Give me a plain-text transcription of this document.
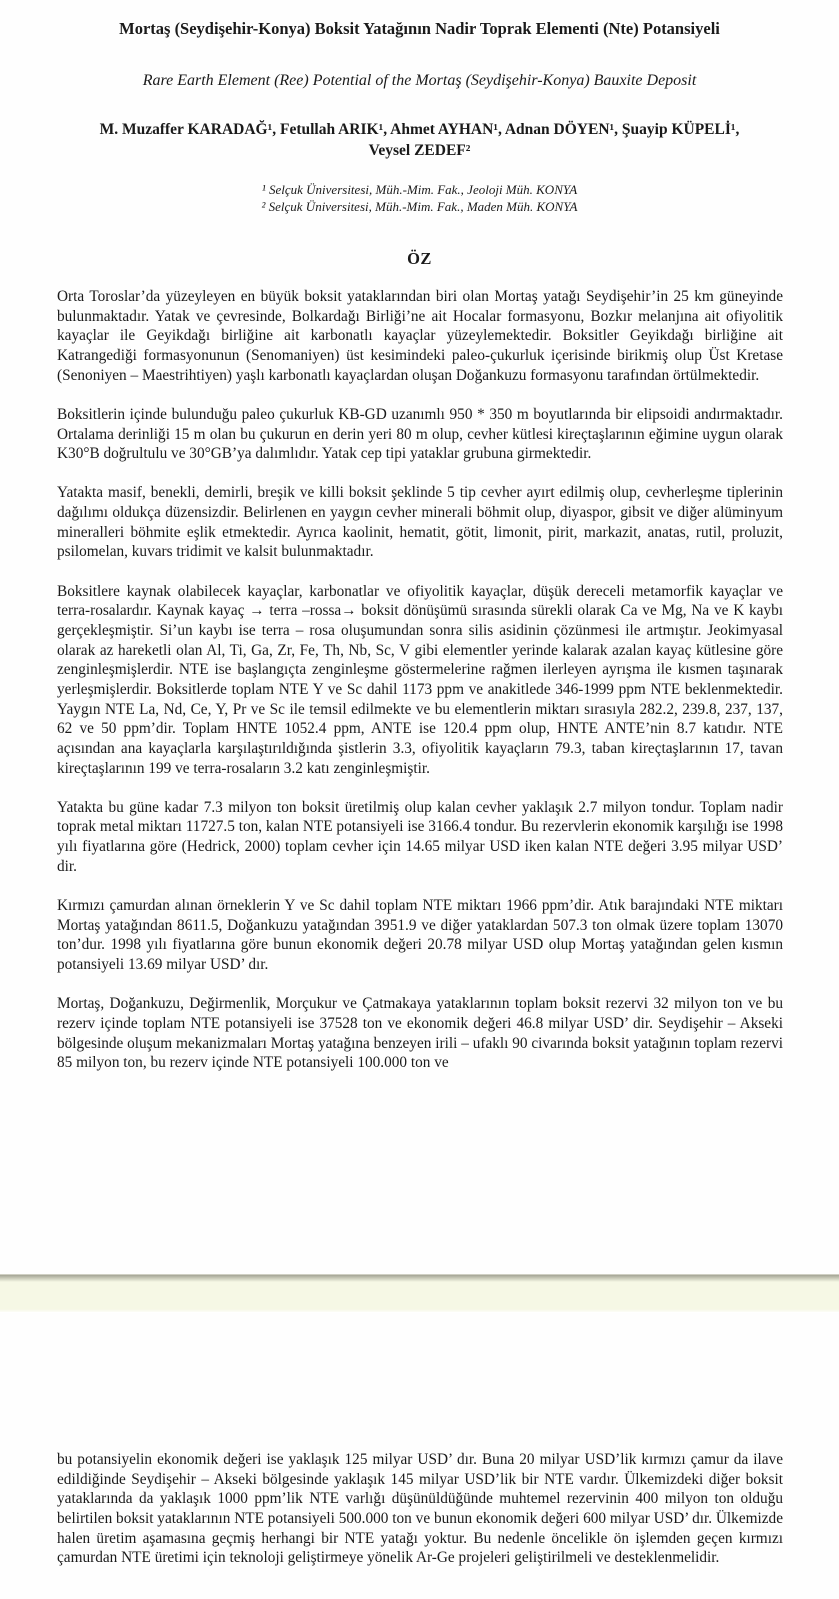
Mortaş (Seydişehir-Konya) Boksit Yatağının Nadir Toprak Elementi (Nte) Potansiyeli
Rare Earth Element (Ree) Potential of the Mortaş (Seydişehir-Konya) Bauxite Deposit
M. Muzaffer KARADAĞ¹, Fetullah ARIK¹, Ahmet AYHAN¹, Adnan DÖYEN¹, Şuayip KÜPELİ¹,
Veysel ZEDEF²
¹ Selçuk Üniversitesi, Müh.-Mim. Fak., Jeoloji Müh. KONYA
² Selçuk Üniversitesi, Müh.-Mim. Fak., Maden Müh. KONYA
ÖZ

Orta Toroslar’da yüzeyleyen en büyük boksit yataklarından biri olan Mortaş yatağı Seydişehir’in 25 km güneyinde bulunmaktadır. Yatak ve çevresinde, Bolkardağı Birliği’ne ait Hocalar formasyonu, Bozkır melanjına ait ofiyolitik kayaçlar ile Geyikdağı birliğine ait karbonatlı kayaçlar yüzeylemektedir. Boksitler Geyikdağı birliğine ait Katrangediği formasyonunun (Senomaniyen) üst kesimindeki paleo-çukurluk içerisinde birikmiş olup Üst Kretase (Senoniyen – Maestrihtiyen) yaşlı karbonatlı kayaçlardan oluşan Doğankuzu formasyonu tarafından örtülmektedir.

Boksitlerin içinde bulunduğu paleo çukurluk KB-GD uzanımlı 950 * 350 m boyutlarında bir elipsoidi andırmaktadır. Ortalama derinliği 15 m olan bu çukurun en derin yeri 80 m olup, cevher kütlesi kireçtaşlarının eğimine uygun olarak K30°B doğrultulu ve 30°GB’ya dalımlıdır. Yatak cep tipi yataklar grubuna girmektedir.

Yatakta masif, benekli, demirli, breşik ve killi boksit şeklinde 5 tip cevher ayırt edilmiş olup, cevherleşme tiplerinin dağılımı oldukça düzensizdir. Belirlenen en yaygın cevher minerali böhmit olup, diyaspor, gibsit ve diğer alüminyum mineralleri böhmite eşlik etmektedir. Ayrıca kaolinit, hematit, götit, limonit, pirit, markazit, anatas, rutil, proluzit, psilomelan, kuvars tridimit ve kalsit bulunmaktadır.

Boksitlere kaynak olabilecek kayaçlar, karbonatlar ve ofiyolitik kayaçlar, düşük dereceli metamorfik kayaçlar ve terra-rosalardır. Kaynak kayaç → terra –rossa→ boksit dönüşümü sırasında sürekli olarak Ca ve Mg, Na ve K kaybı gerçekleşmiştir. Si’un kaybı ise terra – rosa oluşumundan sonra silis asidinin çözünmesi ile artmıştır. Jeokimyasal olarak az hareketli olan Al, Ti, Ga, Zr, Fe, Th, Nb, Sc, V gibi elementler yerinde kalarak azalan kayaç kütlesine göre zenginleşmişlerdir. NTE ise başlangıçta zenginleşme göstermelerine rağmen ilerleyen ayrışma ile kısmen taşınarak yerleşmişlerdir. Boksitlerde toplam NTE Y ve Sc dahil 1173 ppm ve anakitlede 346-1999 ppm NTE beklenmektedir. Yaygın NTE La, Nd, Ce, Y, Pr ve Sc ile temsil edilmekte ve bu elementlerin miktarı sırasıyla 282.2, 239.8, 237, 137, 62 ve 50 ppm’dir. Toplam HNTE 1052.4 ppm, ANTE ise 120.4 ppm olup, HNTE ANTE’nin 8.7 katıdır. NTE açısından ana kayaçlarla karşılaştırıldığında şistlerin 3.3, ofiyolitik kayaçların 79.3, taban kireçtaşlarının 17, tavan kireçtaşlarının 199 ve terra-rosaların 3.2 katı zenginleşmiştir.

Yatakta bu güne kadar 7.3 milyon ton boksit üretilmiş olup kalan cevher yaklaşık 2.7 milyon tondur. Toplam nadir toprak metal miktarı 11727.5 ton, kalan NTE potansiyeli ise 3166.4 tondur. Bu rezervlerin ekonomik karşılığı ise 1998 yılı fiyatlarına göre (Hedrick, 2000) toplam cevher için 14.65 milyar USD iken kalan NTE değeri 3.95 milyar USD’ dir.

Kırmızı çamurdan alınan örneklerin Y ve Sc dahil toplam NTE miktarı 1966 ppm’dir. Atık barajındaki NTE miktarı Mortaş yatağından 8611.5, Doğankuzu yatağından 3951.9 ve diğer yataklardan 507.3 ton olmak üzere toplam 13070 ton’dur. 1998 yılı fiyatlarına göre bunun ekonomik değeri 20.78 milyar USD olup Mortaş yatağından gelen kısmın potansiyeli 13.69 milyar USD’ dır.

Mortaş, Doğankuzu, Değirmenlik, Morçukur ve Çatmakaya yataklarının toplam boksit rezervi 32 milyon ton ve bu rezerv içinde toplam NTE potansiyeli ise 37528 ton ve ekonomik değeri 46.8 milyar USD’ dir. Seydişehir – Akseki bölgesinde oluşum mekanizmaları Mortaş yatağına benzeyen irili – ufaklı 90 civarında boksit yatağının toplam rezervi 85 milyon ton, bu rezerv içinde NTE potansiyeli 100.000 ton ve

bu potansiyelin ekonomik değeri ise yaklaşık 125 milyar USD’ dır. Buna 20 milyar USD’lik kırmızı çamur da ilave edildiğinde Seydişehir – Akseki bölgesinde yaklaşık 145 milyar USD’lik bir NTE vardır. Ülkemizdeki diğer boksit yataklarında da yaklaşık 1000 ppm’lik NTE varlığı düşünüldüğünde muhtemel rezervinin 400 milyon ton olduğu belirtilen boksit yataklarının NTE potansiyeli 500.000 ton ve bunun ekonomik değeri 600 milyar USD’ dır. Ülkemizde halen üretim aşamasına geçmiş herhangi bir NTE yatağı yoktur. Bu nedenle öncelikle ön işlemden geçen kırmızı çamurdan NTE üretimi için teknoloji geliştirmeye yönelik Ar-Ge projeleri geliştirilmeli ve desteklenmelidir.
